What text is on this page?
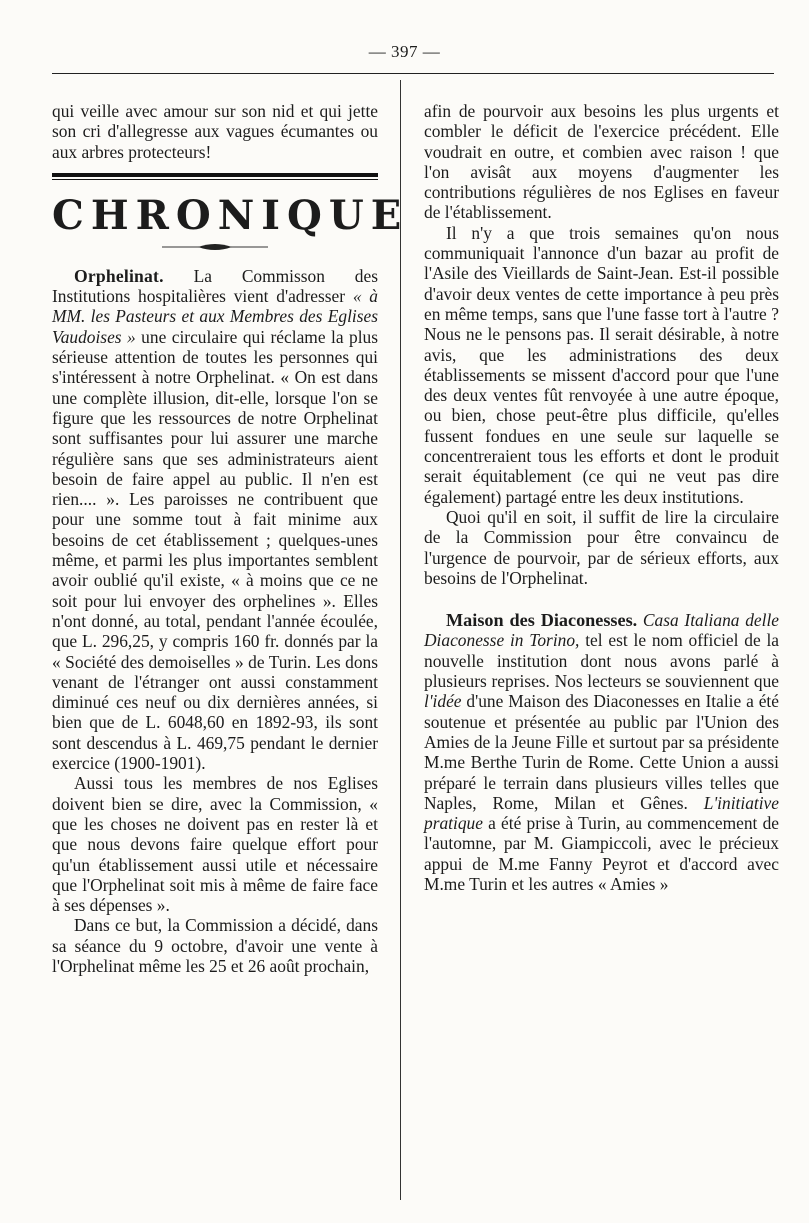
— 397 —

qui veille avec amour sur son nid et qui jette son cri d'allegresse aux vagues écumantes ou aux arbres protecteurs!

CHRONIQUE

Orphelinat. La Commisson des Institutions hospitalières vient d'adresser « à MM. les Pasteurs et aux Membres des Eglises Vaudoises » une circulaire qui réclame la plus sérieuse attention de toutes les personnes qui s'intéressent à notre Orphelinat. « On est dans une complète illusion, dit-elle, lorsque l'on se figure que les ressources de notre Orphelinat sont suffisantes pour lui assurer une marche régulière sans que ses administrateurs aient besoin de faire appel au public. Il n'en est rien.... ». Les paroisses ne contribuent que pour une somme tout à fait minime aux besoins de cet établissement ; quelques-unes même, et parmi les plus importantes semblent avoir oublié qu'il existe, « à moins que ce ne soit pour lui envoyer des orphelines ». Elles n'ont donné, au total, pendant l'année écoulée, que L. 296,25, y compris 160 fr. donnés par la « Société des demoiselles » de Turin. Les dons venant de l'étranger ont aussi constamment diminué ces neuf ou dix dernières années, si bien que de L. 6048,60 en 1892-93, ils sont sont descendus à L. 469,75 pendant le dernier exercice (1900-1901).

Aussi tous les membres de nos Eglises doivent bien se dire, avec la Commission, « que les choses ne doivent pas en rester là et que nous devons faire quelque effort pour qu'un établissement aussi utile et nécessaire que l'Orphelinat soit mis à même de faire face à ses dépenses ».

Dans ce but, la Commission a décidé, dans sa séance du 9 octobre, d'avoir une vente à l'Orphelinat même les 25 et 26 août prochain,

afin de pourvoir aux besoins les plus urgents et combler le déficit de l'exercice précédent. Elle voudrait en outre, et combien avec raison ! que l'on avisât aux moyens d'augmenter les contributions régulières de nos Eglises en faveur de l'établissement.

Il n'y a que trois semaines qu'on nous communiquait l'annonce d'un bazar au profit de l'Asile des Vieillards de Saint-Jean. Est-il possible d'avoir deux ventes de cette importance à peu près en même temps, sans que l'une fasse tort à l'autre ? Nous ne le pensons pas. Il serait désirable, à notre avis, que les administrations des deux établissements se missent d'accord pour que l'une des deux ventes fût renvoyée à une autre époque, ou bien, chose peut-être plus difficile, qu'elles fussent fondues en une seule sur laquelle se concentreraient tous les efforts et dont le produit serait équitablement (ce qui ne veut pas dire également) partagé entre les deux institutions.

Quoi qu'il en soit, il suffit de lire la circulaire de la Commission pour être convaincu de l'urgence de pourvoir, par de sérieux efforts, aux besoins de l'Orphelinat.

Maison des Diaconesses. Casa Italiana delle Diaconesse in Torino, tel est le nom officiel de la nouvelle institution dont nous avons parlé à plusieurs reprises. Nos lecteurs se souviennent que l'idée d'une Maison des Diaconesses en Italie a été soutenue et présentée au public par l'Union des Amies de la Jeune Fille et surtout par sa présidente M.me Berthe Turin de Rome. Cette Union a aussi préparé le terrain dans plusieurs villes telles que Naples, Rome, Milan et Gênes. L'initiative pratique a été prise à Turin, au commencement de l'automne, par M. Giampiccoli, avec le précieux appui de M.me Fanny Peyrot et d'accord avec M.me Turin et les autres « Amies »
